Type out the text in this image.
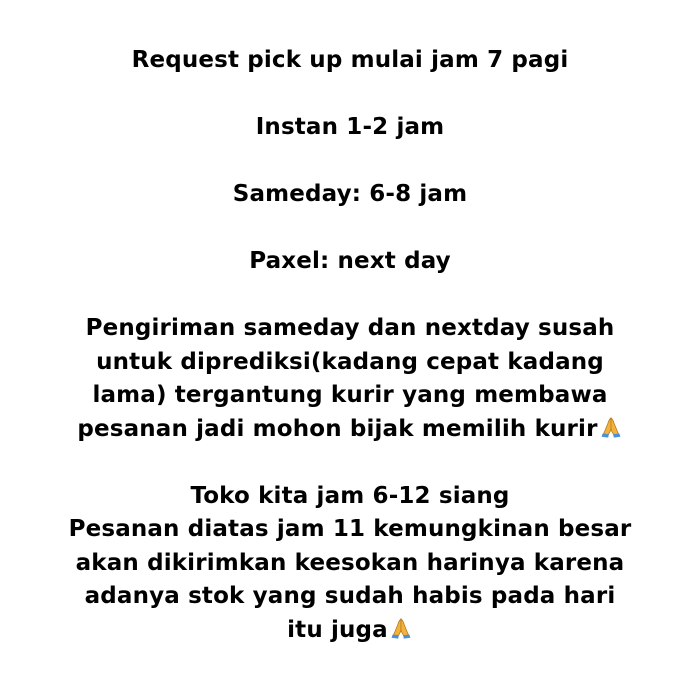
Request pick up mulai jam 7 pagi
Instan 1-2 jam
Sameday: 6-8 jam
Paxel: next day
Pengiriman sameday dan nextday susah
untuk diprediksi(kadang cepat kadang
lama) tergantung kurir yang membawa
pesanan jadi mohon bijak memilih kurir
Toko kita jam 6-12 siang
Pesanan diatas jam 11 kemungkinan besar
akan dikirimkan keesokan harinya karena
adanya stok yang sudah habis pada hari
itu juga
